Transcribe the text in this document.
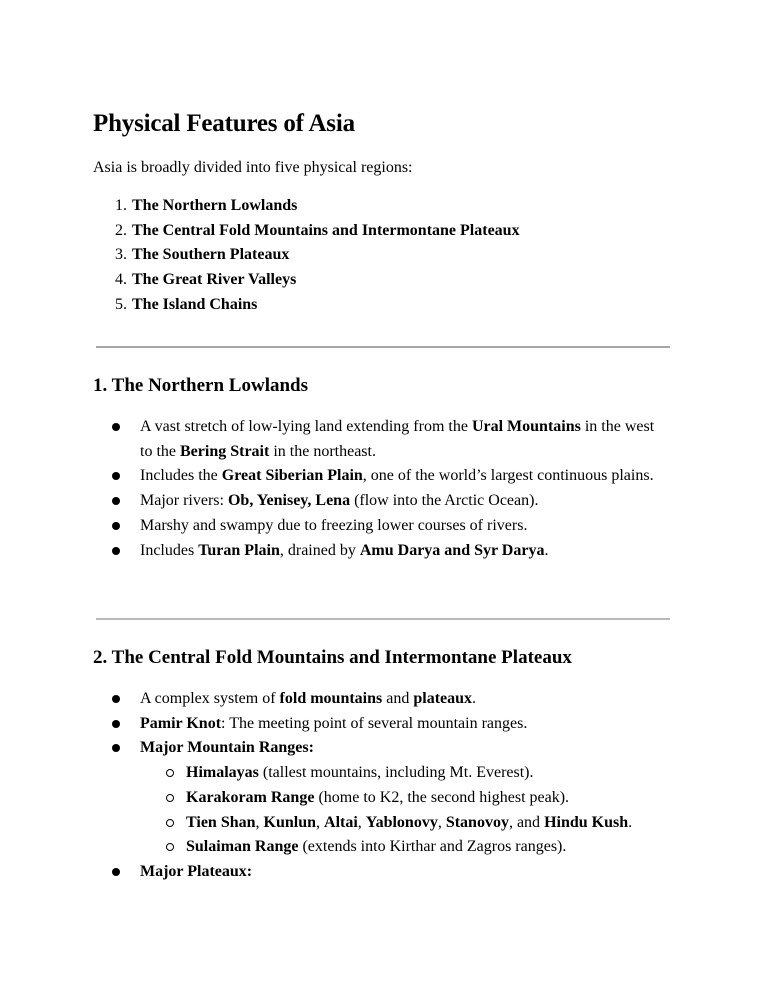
Physical Features of Asia

Asia is broadly divided into five physical regions:

1. The Northern Lowlands
2. The Central Fold Mountains and Intermontane Plateaux
3. The Southern Plateaux
4. The Great River Valleys
5. The Island Chains
1. The Northern Lowlands
A vast stretch of low-lying land extending from the Ural Mountains in the west to the Bering Strait in the northeast.
Includes the Great Siberian Plain, one of the world’s largest continuous plains.
Major rivers: Ob, Yenisey, Lena (flow into the Arctic Ocean).
Marshy and swampy due to freezing lower courses of rivers.
Includes Turan Plain, drained by Amu Darya and Syr Darya.
2. The Central Fold Mountains and Intermontane Plateaux
A complex system of fold mountains and plateaux.
Pamir Knot: The meeting point of several mountain ranges.
Major Mountain Ranges:
Himalayas (tallest mountains, including Mt. Everest).
Karakoram Range (home to K2, the second highest peak).
Tien Shan, Kunlun, Altai, Yablonovy, Stanovoy, and Hindu Kush.
Sulaiman Range (extends into Kirthar and Zagros ranges).
Major Plateaux:
